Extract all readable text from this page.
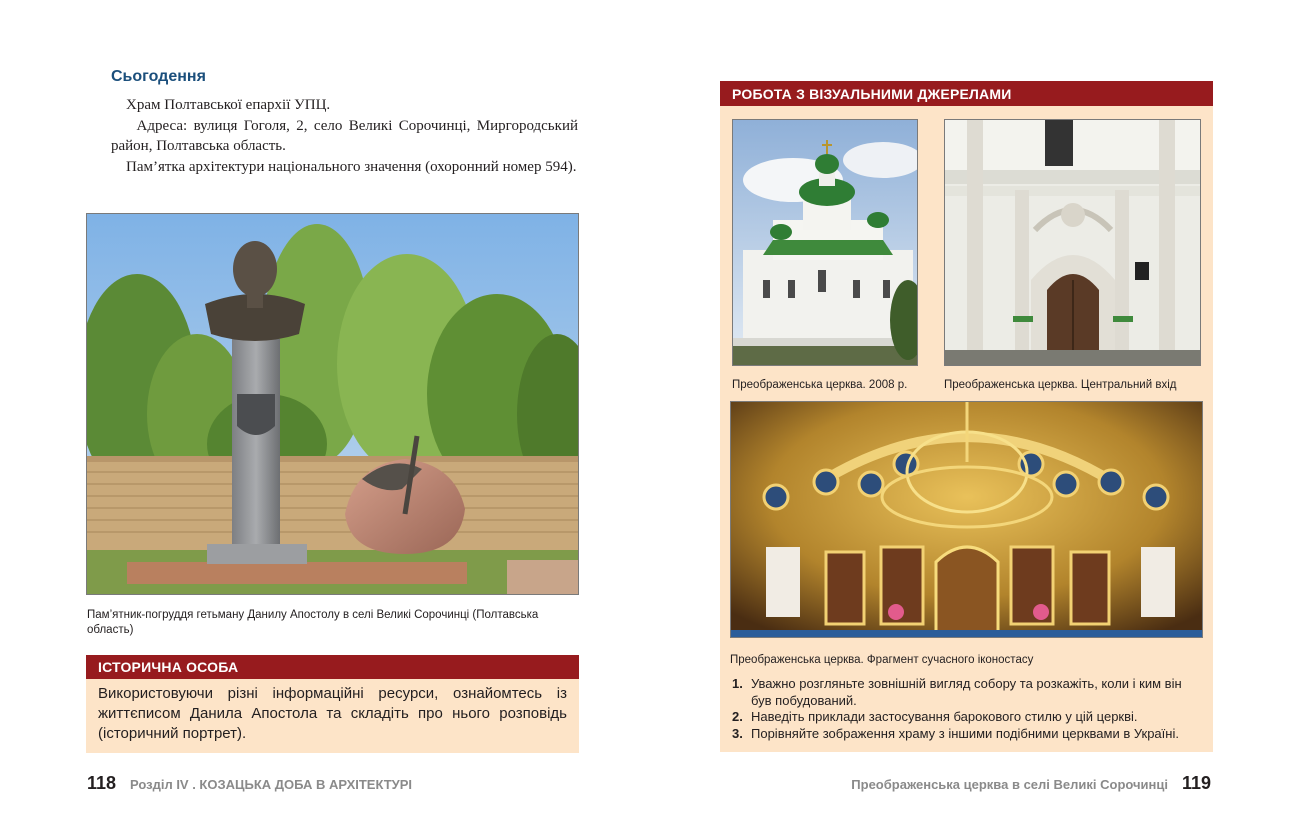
Сьогодення

Храм Полтавської епархії УПЦ.

Адреса: вулиця Гоголя, 2, село Великі Сорочинці, Миргородський район, Полтавська область.

Пам’ятка архітектури національного значення (охоронний номер 594).

Пам’ятник-погруддя гетьману Данилу Апостолу в селі Великі Сорочинці (Полтавська область)
ІСТОРИЧНА ОСОБА
Використовуючи різні інформаційні ресурси, ознайомтесь із життєписом Данила Апостола та складіть про нього розповідь (історичний портрет).
118 Розділ IV . КОЗАЦЬКА ДОБА В АРХІТЕКТУРІ
РОБОТА З ВІЗУАЛЬНИМИ ДЖЕРЕЛАМИ
Преображенська церква. 2008 р.	Преображенська церква. Центральний вхід
Преображенська церква. Фрагмент сучасного іконостасу
1. Уважно розгляньте зовнішній вигляд собору та розкажіть, коли і ким він був побудований.
2. Наведіть приклади застосування барокового стилю у цій церкві.
3. Порівняйте зображення храму з іншими подібними церквами в Україні.
Преображенська церква в селі Великі Сорочинці 119
